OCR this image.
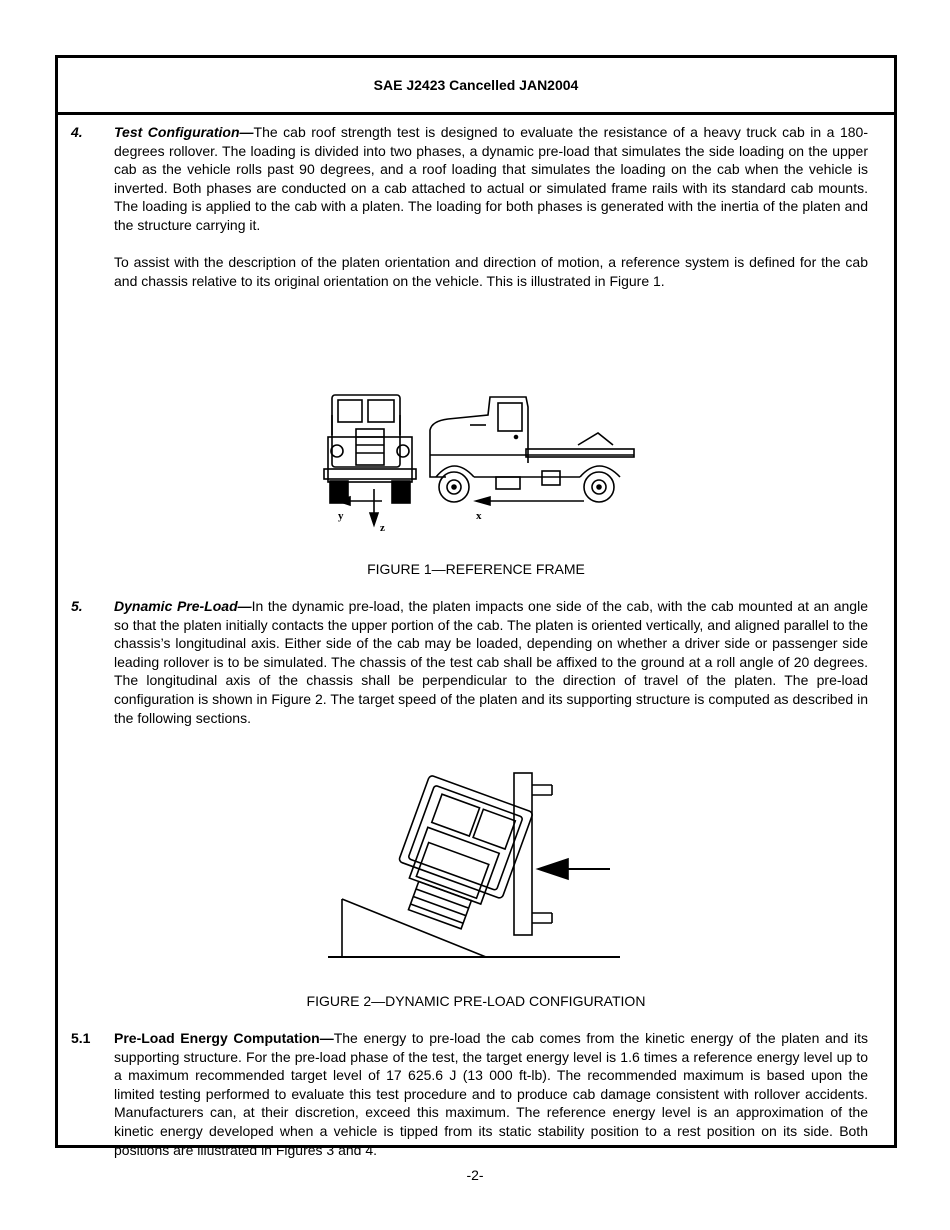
SAE J2423 Cancelled JAN2004
4. Test Configuration—The cab roof strength test is designed to evaluate the resistance of a heavy truck cab in a 180-degrees rollover. The loading is divided into two phases, a dynamic pre-load that simulates the side loading on the upper cab as the vehicle rolls past 90 degrees, and a roof loading that simulates the loading on the cab when the vehicle is inverted. Both phases are conducted on a cab attached to actual or simulated frame rails with its standard cab mounts. The loading is applied to the cab with a platen. The loading for both phases is generated with the inertia of the platen and the structure carrying it.
To assist with the description of the platen orientation and direction of motion, a reference system is defined for the cab and chassis relative to its original orientation on the vehicle. This is illustrated in Figure 1.
y
z
x
FIGURE 1—REFERENCE FRAME
5. Dynamic Pre-Load—In the dynamic pre-load, the platen impacts one side of the cab, with the cab mounted at an angle so that the platen initially contacts the upper portion of the cab. The platen is oriented vertically, and aligned parallel to the chassis’s longitudinal axis. Either side of the cab may be loaded, depending on whether a driver side or passenger side leading rollover is to be simulated. The chassis of the test cab shall be affixed to the ground at a roll angle of 20 degrees. The longitudinal axis of the chassis shall be perpendicular to the direction of travel of the platen. The pre-load configuration is shown in Figure 2. The target speed of the platen and its supporting structure is computed as described in the following sections.
FIGURE 2—DYNAMIC PRE-LOAD CONFIGURATION
5.1 Pre-Load Energy Computation—The energy to pre-load the cab comes from the kinetic energy of the platen and its supporting structure. For the pre-load phase of the test, the target energy level is 1.6 times a reference energy level up to a maximum recommended target level of 17 625.6 J (13 000 ft-lb). The recommended maximum is based upon the limited testing performed to evaluate this test procedure and to produce cab damage consistent with rollover accidents. Manufacturers can, at their discretion, exceed this maximum. The reference energy level is an approximation of the kinetic energy developed when a vehicle is tipped from its static stability position to a rest position on its side. Both positions are illustrated in Figures 3 and 4.
-2-
